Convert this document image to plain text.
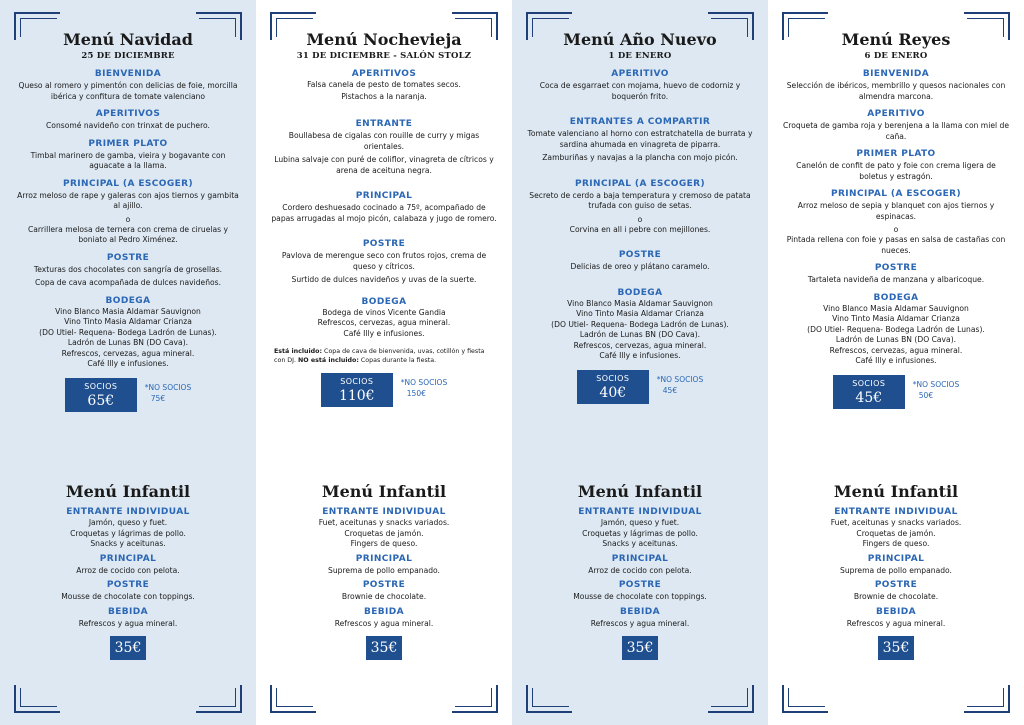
Menú Navidad
25 DE DICIEMBRE
BIENVENIDA
Queso al romero y pimentón con delicias de foie, morcilla ibérica y confitura de tomate valenciano
APERITIVOS
Consomé navideño con trinxat de puchero.
PRIMER PLATO
Timbal marinero de gamba, vieira y bogavante con aguacate a la llama.
PRINCIPAL (A ESCOGER)
Arroz meloso de rape y galeras con ajos tiernos y gambita al ajillo.
o
Carrillera melosa de ternera con crema de ciruelas y boniato al Pedro Ximénez.
POSTRE
Texturas dos chocolates con sangría de grosellas.
Copa de cava acompañada de dulces navideños.
BODEGA
Vino Blanco Masia Aldamar Sauvignon
Vino Tinto Masia Aldamar Crianza
(DO Utiel- Requena- Bodega Ladrón de Lunas).
Ladrón de Lunas BN (DO Cava).
Refrescos, cervezas, agua mineral.
Café Illy e infusiones.
SOCIOS
65€
*NO SOCIOS
75€
Menú Infantil
ENTRANTE INDIVIDUAL
Jamón, queso y fuet.
Croquetas y lágrimas de pollo.
Snacks y aceitunas.
PRINCIPAL
Arroz de cocido con pelota.
POSTRE
Mousse de chocolate con toppings.
BEBIDA
Refrescos y agua mineral.
35€
Menú Nochevieja
31 DE DICIEMBRE - SALÓN STOLZ
APERITIVOS
Falsa canela de pesto de tomates secos.
Pistachos a la naranja.
ENTRANTE
Boullabesa de cigalas con rouille de curry y migas orientales.
Lubina salvaje con puré de coliflor, vinagreta de cítricos y arena de aceituna negra.
PRINCIPAL
Cordero deshuesado cocinado a 75º, acompañado de papas arrugadas al mojo picón, calabaza y jugo de romero.
POSTRE
Pavlova de merengue seco con frutos rojos, crema de queso y cítricos.
Surtido de dulces navideños y uvas de la suerte.
BODEGA
Bodega de vinos Vicente Gandia
Refrescos, cervezas, agua mineral.
Café Illy e infusiones.
Está incluido: Copa de cava de bienvenida, uvas, cotillón y fiesta con DJ. NO está incluido: Copas durante la fiesta.
SOCIOS
110€
*NO SOCIOS
150€
Menú Infantil
ENTRANTE INDIVIDUAL
Fuet, aceitunas y snacks variados.
Croquetas de jamón.
Fingers de queso.
PRINCIPAL
Suprema de pollo empanado.
POSTRE
Brownie de chocolate.
BEBIDA
Refrescos y agua mineral.
35€
Menú Año Nuevo
1 DE ENERO
APERITIVO
Coca de esgarraet con mojama, huevo de codorniz y boquerón frito.
ENTRANTES A COMPARTIR
Tomate valenciano al horno con estratchatella de burrata y sardina ahumada en vinagreta de piparra.
Zamburiñas y navajas a la plancha con mojo picón.
PRINCIPAL (A ESCOGER)
Secreto de cerdo a baja temperatura y cremoso de patata trufada con guiso de setas.
o
Corvina en all i pebre con mejillones.
POSTRE
Delicias de oreo y plátano caramelo.
BODEGA
Vino Blanco Masia Aldamar Sauvignon
Vino Tinto Masia Aldamar Crianza
(DO Utiel- Requena- Bodega Ladrón de Lunas).
Ladrón de Lunas BN (DO Cava).
Refrescos, cervezas, agua mineral.
Café Illy e infusiones.
SOCIOS
40€
*NO SOCIOS
45€
Menú Infantil
ENTRANTE INDIVIDUAL
Jamón, queso y fuet.
Croquetas y lágrimas de pollo.
Snacks y aceitunas.
PRINCIPAL
Arroz de cocido con pelota.
POSTRE
Mousse de chocolate con toppings.
BEBIDA
Refrescos y agua mineral.
35€
Menú Reyes
6 DE ENERO
BIENVENIDA
Selección de ibéricos, membrillo y quesos nacionales con almendra marcona.
APERITIVO
Croqueta de gamba roja y berenjena a la llama con miel de caña.
PRIMER PLATO
Canelón de confit de pato y foie con crema ligera de boletus y estragón.
PRINCIPAL (A ESCOGER)
Arroz meloso de sepia y blanquet con ajos tiernos y espinacas.
o
Pintada rellena con foie y pasas en salsa de castañas con nueces.
POSTRE
Tartaleta navideña de manzana y albaricoque.
BODEGA
Vino Blanco Masia Aldamar Sauvignon
Vino Tinto Masia Aldamar Crianza
(DO Utiel- Requena- Bodega Ladrón de Lunas).
Ladrón de Lunas BN (DO Cava).
Refrescos, cervezas, agua mineral.
Café Illy e infusiones.
SOCIOS
45€
*NO SOCIOS
50€
Menú Infantil
ENTRANTE INDIVIDUAL
Fuet, aceitunas y snacks variados.
Croquetas de jamón.
Fingers de queso.
PRINCIPAL
Suprema de pollo empanado.
POSTRE
Brownie de chocolate.
BEBIDA
Refrescos y agua mineral.
35€
